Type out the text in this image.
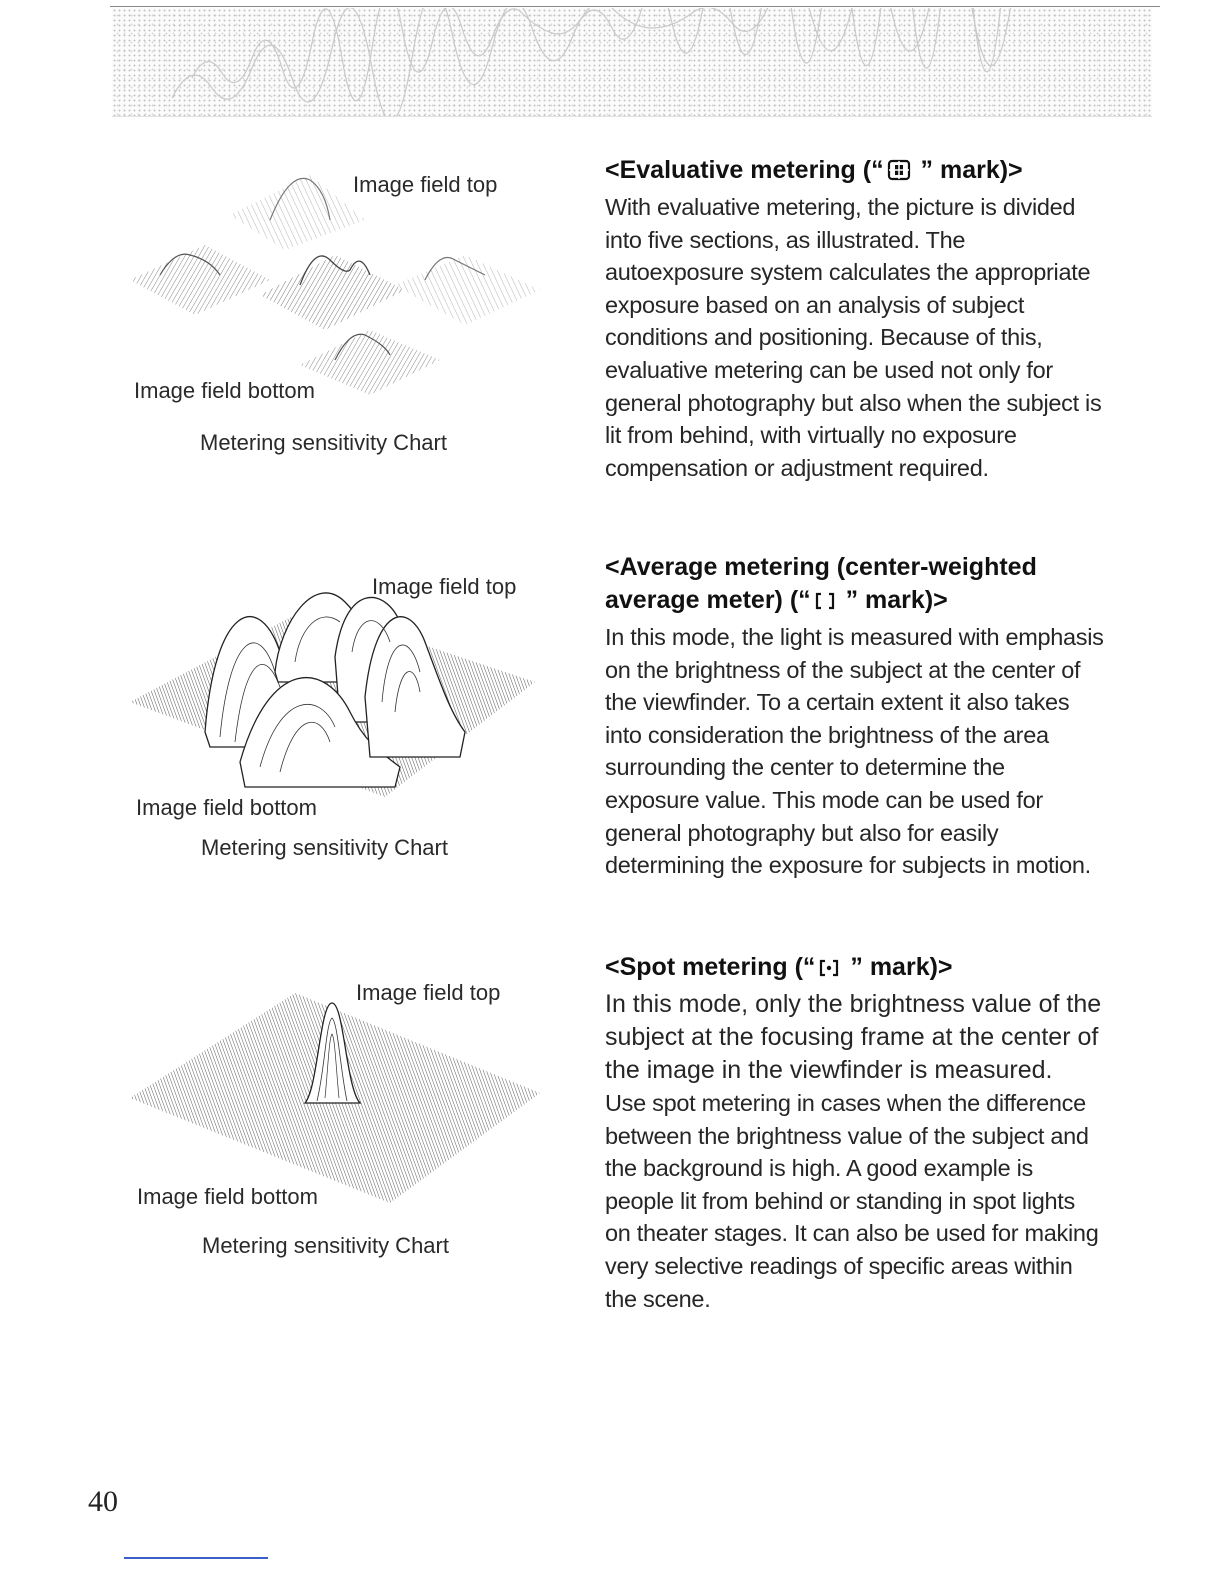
Image field top
Image field bottom
Metering sensitivity Chart
Image field top
Image field bottom
Metering sensitivity Chart
Image field top
Image field bottom
Metering sensitivity Chart
<Evaluative metering (“ ” mark)>

With evaluative metering, the picture is divided into five sections, as illustrated. The autoexposure system calculates the appropriate exposure based on an analysis of subject conditions and positioning. Because of this, evaluative metering can be used not only for general photography but also when the subject is lit from behind, with virtually no exposure compensation or adjustment required.

<Average metering (center-weighted
average meter) (“ ” mark)>

In this mode, the light is measured with emphasis on the brightness of the subject at the center of the viewfinder. To a certain extent it also takes into consideration the brightness of the area surrounding the center to determine the exposure value. This mode can be used for general photography but also for easily determining the exposure for subjects in motion.

<Spot metering (“ ” mark)>

In this mode, only the brightness value of the subject at the focusing frame at the center of the image in the viewfinder is measured.

Use spot metering in cases when the difference between the brightness value of the subject and the background is high. A good example is people lit from behind or standing in spot lights on theater stages. It can also be used for making very selective readings of specific areas within the scene.

40
